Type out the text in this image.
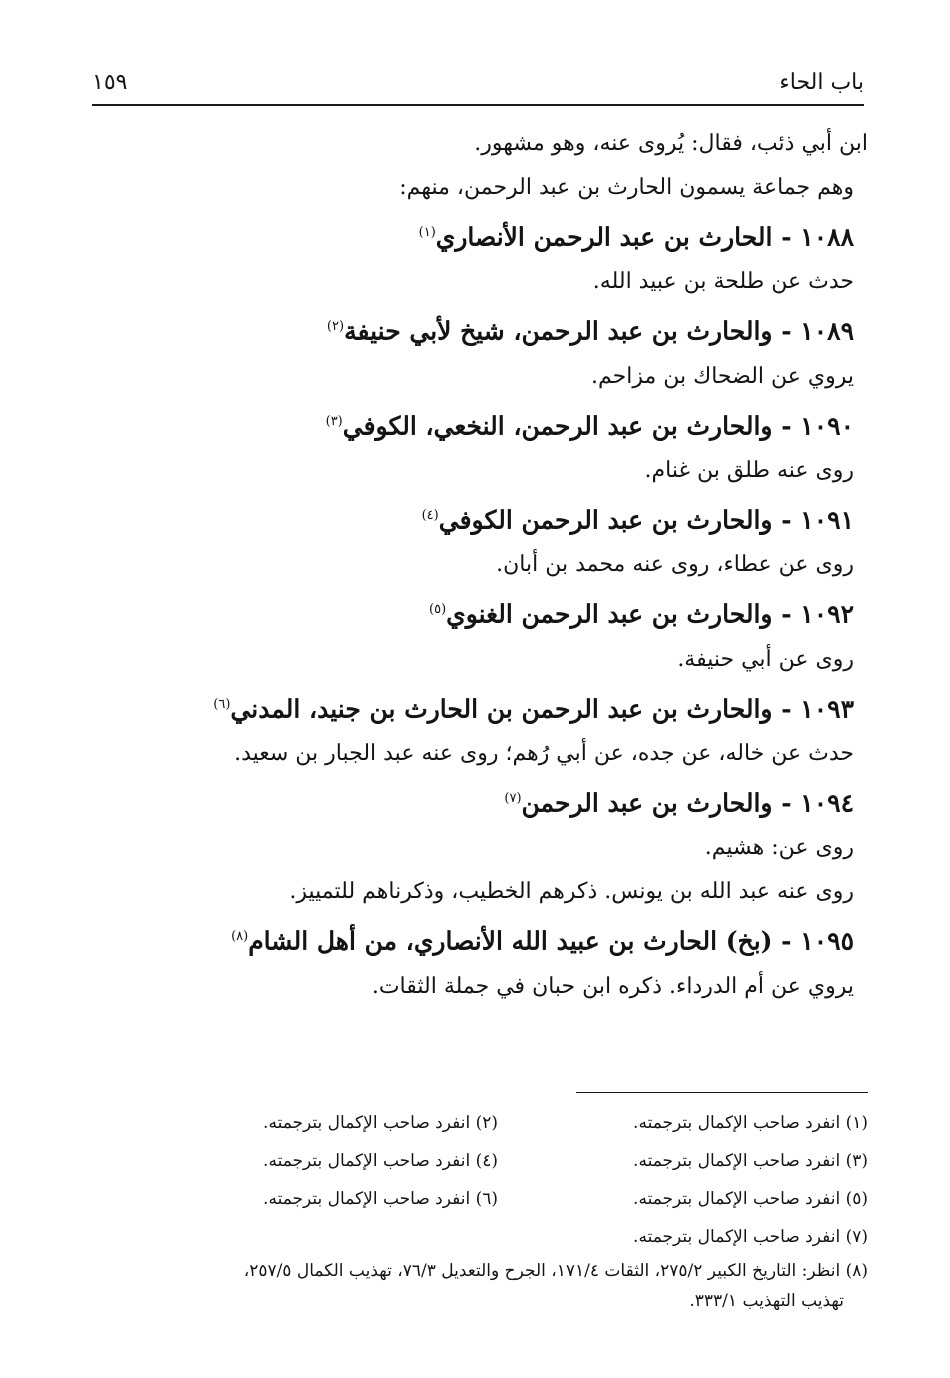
باب الحاء
١٥٩
ابن أبي ذئب، فقال: يُروى عنه، وهو مشهور.
وهم جماعة يسمون الحارث بن عبد الرحمن، منهم:
١٠٨٨ - الحارث بن عبد الرحمن الأنصاري$^{(١)}$
حدث عن طلحة بن عبيد الله.
١٠٨٩ - والحارث بن عبد الرحمن، شيخ لأبي حنيفة$^{(٢)}$
يروي عن الضحاك بن مزاحم.
١٠٩٠ - والحارث بن عبد الرحمن، النخعي، الكوفي$^{(٣)}$
روى عنه طلق بن غنام.
١٠٩١ - والحارث بن عبد الرحمن الكوفي$^{(٤)}$
روى عن عطاء، روى عنه محمد بن أبان.
١٠٩٢ - والحارث بن عبد الرحمن الغنوي$^{(٥)}$
روى عن أبي حنيفة.
١٠٩٣ - والحارث بن عبد الرحمن بن الحارث بن جنيد، المدني$^{(٦)}$
حدث عن خاله، عن جده، عن أبي رُهم؛ روى عنه عبد الجبار بن سعيد.
١٠٩٤ - والحارث بن عبد الرحمن$^{(٧)}$
روى عن: هشيم.
روى عنه عبد الله بن يونس. ذكرهم الخطيب، وذكرناهم للتمييز.
١٠٩٥ - (بخ) الحارث بن عبيد الله الأنصاري، من أهل الشام$^{(٨)}$
يروي عن أم الدرداء. ذكره ابن حبان في جملة الثقات.
(١) انفرد صاحب الإكمال بترجمته.
(٢) انفرد صاحب الإكمال بترجمته.
(٣) انفرد صاحب الإكمال بترجمته.
(٤) انفرد صاحب الإكمال بترجمته.
(٥) انفرد صاحب الإكمال بترجمته.
(٦) انفرد صاحب الإكمال بترجمته.
(٧) انفرد صاحب الإكمال بترجمته.
(٨) انظر: التاريخ الكبير ٢٧٥/٢، الثقات ١٧١/٤، الجرح والتعديل ٧٦/٣، تهذيب الكمال ٢٥٧/٥،
تهذيب التهذيب ٣٣٣/١.
